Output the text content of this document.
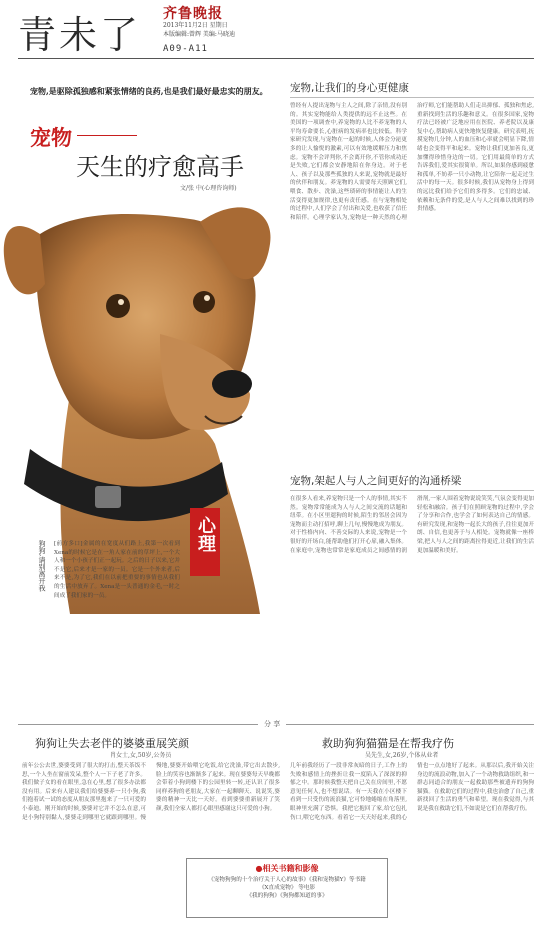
青未了 齐鲁晚报
2013年11月2日 星期日
本版编辑:曾辉 美编:马晓迪
A09-A11
宠物,是驱除孤独感和紧张情绪的良药,也是我们最好最忠实的朋友。
宠物
天生的疗愈高手
文/张 中(心理咨询师)
心理
狗狗,请别离开我 [前方多口]金属的在宽度从们路上,我第一次看到Xena的时候它是在一角人家在前的草坪上,一个大人和一个小孩子们正一起玩。之后的日子以来,它并不是它,后来才是一家的一员。它是一个外来者,后来不是,为了它,我们在以前把重要的事情也从我们的生活中放弃了。Xena是一头普通的金毛,一时之间成了我们家的一员。
宠物,让我们的身心更健康
曾经有人提出宠物与主人之间,除了亲情,没有别的。其实宠物能给人类提供的远不止这些。在美国的一项调查中,养宠物的人比不养宠物的人平均寿命要长,心脏病的发病率也比较低。科学家研究发现,与宠物在一起的时候,人体会分泌更多的让人愉悦的激素,可以有效地缓解压力和焦虑。宠物不会评判你,不会离开你,不管你成功还是失败,它们都会安静地陪在你身边。对于老人、孩子以及那些孤独的人来说,宠物就是最好的伙伴和朋友。养宠物的人需要每天照顾它们,喂食、散步、洗澡,这些琐碎的事情能让人的生活变得更加规律,也更有责任感。在与宠物相处的过程中,人们学会了付出和关爱,也收获了信任和陪伴。心理学家认为,宠物是一种天然的心理治疗师,它们能帮助人们走出抑郁、孤独和焦虑,重新找到生活的乐趣和意义。在很多国家,宠物疗法已经被广泛地应用在医院、养老院以及康复中心,帮助病人更快地恢复健康。研究表明,抚摸宠物几分钟,人的血压和心率就会明显下降,情绪也会变得平和起来。宠物让我们更加善良,更加懂得珍惜身边的一切。它们用最简单的方式告诉我们,爱其实很简单。所以,如果你感到疲惫和孤单,不妨养一只小动物,让它陪你一起走过生活中的每一天。很多时候,我们从宠物身上得到的远比我们给予它们的多得多。它们的忠诚、依赖和无条件的爱,是人与人之间难以找到的珍贵情感。
宠物,架起人与人之间更好的沟通桥梁
在很多人看来,养宠物只是一个人的事情,其实不然。宠物常常能成为人与人之间交流的话题和纽带。在小区里遛狗的时候,陌生的邻居会因为宠物而主动打招呼,聊上几句,慢慢地成为朋友。对于性格内向、不善交际的人来说,宠物是一个很好的开场白,能帮助他们打开心扉,融入集体。在家庭中,宠物也常常是家庭成员之间感情的润滑剂,一家人围着宠物说说笑笑,气氛会变得更加轻松和融洽。孩子们在照顾宠物的过程中,学会了分享和合作,也学会了如何表达自己的情感。有研究发现,和宠物一起长大的孩子,往往更加开朗、自信,也更善于与人相处。宠物就像一座桥梁,把人与人之间的距离拉得更近,让我们的生活更加温暖和美好。
分 享
狗狗让失去老伴的婆婆重展笑颜
肖女士,女,50岁,公务员
前年公公去世,婆婆受到了很大的打击,整天茶饭不思,一个人坐在窗前发呆,整个人一下子老了许多。我们做子女的看在眼里,急在心里,想了很多办法都没有用。后来有人建议我们给婆婆养一只小狗,我们抱着试一试的态度从朋友那里抱来了一只可爱的小泰迪。刚开始的时候,婆婆对它并不怎么在意,可是小狗特别黏人,婆婆走到哪里它就跟到哪里。慢慢地,婆婆开始喂它吃饭,给它洗澡,带它出去散步,脸上的笑容也渐渐多了起来。现在婆婆每天早晚都会带着小狗到楼下的公园里转一转,还认识了很多同样养狗的老朋友,大家在一起聊聊天、说说笑,婆婆的精神一天比一天好。看到婆婆重新展开了笑颜,我们全家人都打心眼里感谢这只可爱的小狗。
救助狗狗猫猫是在帮我疗伤
吴先生,女,26岁,个体从业者
几年前我经历了一段非常灰暗的日子,工作上的失败和感情上的挫折让我一度陷入了深深的抑郁之中。那时候我整天把自己关在房间里,不愿意见任何人,也不想说话。有一天我在小区楼下看到一只受伤的流浪猫,它可怜地蜷缩在角落里,眼神里充满了恐惧。我把它抱回了家,给它包扎伤口,喂它吃东西。看着它一天天好起来,我的心情也一点点地好了起来。从那以后,我开始关注身边的流浪动物,加入了一个动物救助组织,和一群志同道合的朋友一起救助那些被遗弃的狗狗猫猫。在救助它们的过程中,我也治愈了自己,重新找回了生活的勇气和希望。现在我觉得,与其说是我在救助它们,不如说是它们在帮我疗伤。
●相关书籍和影像
《宠物狗狗的十个治疗关于人心的故事》《我和宠物猫Y》等书籍
《X直成宠物》 等电影
《我的狗狗》《狗狗都知道的事》
